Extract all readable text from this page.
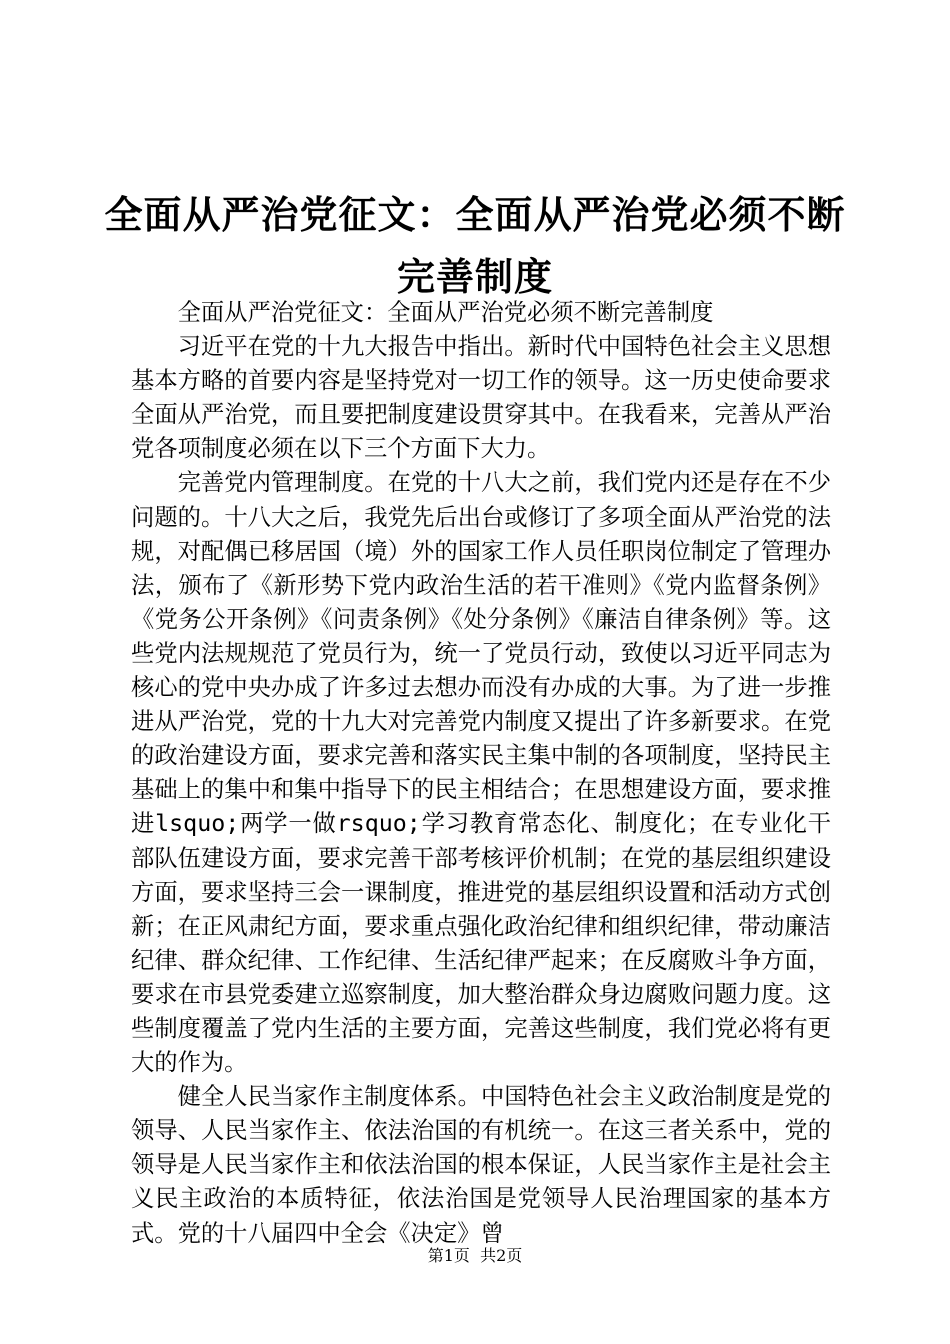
全面从严治党征文：全面从严治党必须不断完善制度

全面从严治党征文：全面从严治党必须不断完善制度

习近平在党的十九大报告中指出。新时代中国特色社会主义思想基本方略的首要内容是坚持党对一切工作的领导。这一历史使命要求全面从严治党，而且要把制度建设贯穿其中。在我看来，完善从严治党各项制度必须在以下三个方面下大力。

完善党内管理制度。在党的十八大之前，我们党内还是存在不少问题的。十八大之后，我党先后出台或修订了多项全面从严治党的法规，对配偶已移居国（境）外的国家工作人员任职岗位制定了管理办法，颁布了《新形势下党内政治生活的若干准则》《党内监督条例》《党务公开条例》《问责条例》《处分条例》《廉洁自律条例》等。这些党内法规规范了党员行为，统一了党员行动，致使以习近平同志为核心的党中央办成了许多过去想办而没有办成的大事。为了进一步推进从严治党，党的十九大对完善党内制度又提出了许多新要求。在党的政治建设方面，要求完善和落实民主集中制的各项制度，坚持民主基础上的集中和集中指导下的民主相结合；在思想建设方面，要求推进lsquo;两学一做rsquo;学习教育常态化、制度化；在专业化干部队伍建设方面，要求完善干部考核评价机制；在党的基层组织建设方面，要求坚持三会一课制度，推进党的基层组织设置和活动方式创新；在正风肃纪方面，要求重点强化政治纪律和组织纪律，带动廉洁纪律、群众纪律、工作纪律、生活纪律严起来；在反腐败斗争方面，要求在市县党委建立巡察制度，加大整治群众身边腐败问题力度。这些制度覆盖了党内生活的主要方面，完善这些制度，我们党必将有更大的作为。

健全人民当家作主制度体系。中国特色社会主义政治制度是党的领导、人民当家作主、依法治国的有机统一。在这三者关系中，党的领导是人民当家作主和依法治国的根本保证，人民当家作主是社会主义民主政治的本质特征，依法治国是党领导人民治理国家的基本方式。党的十八届四中全会《决定》曾

第1页 共2页
